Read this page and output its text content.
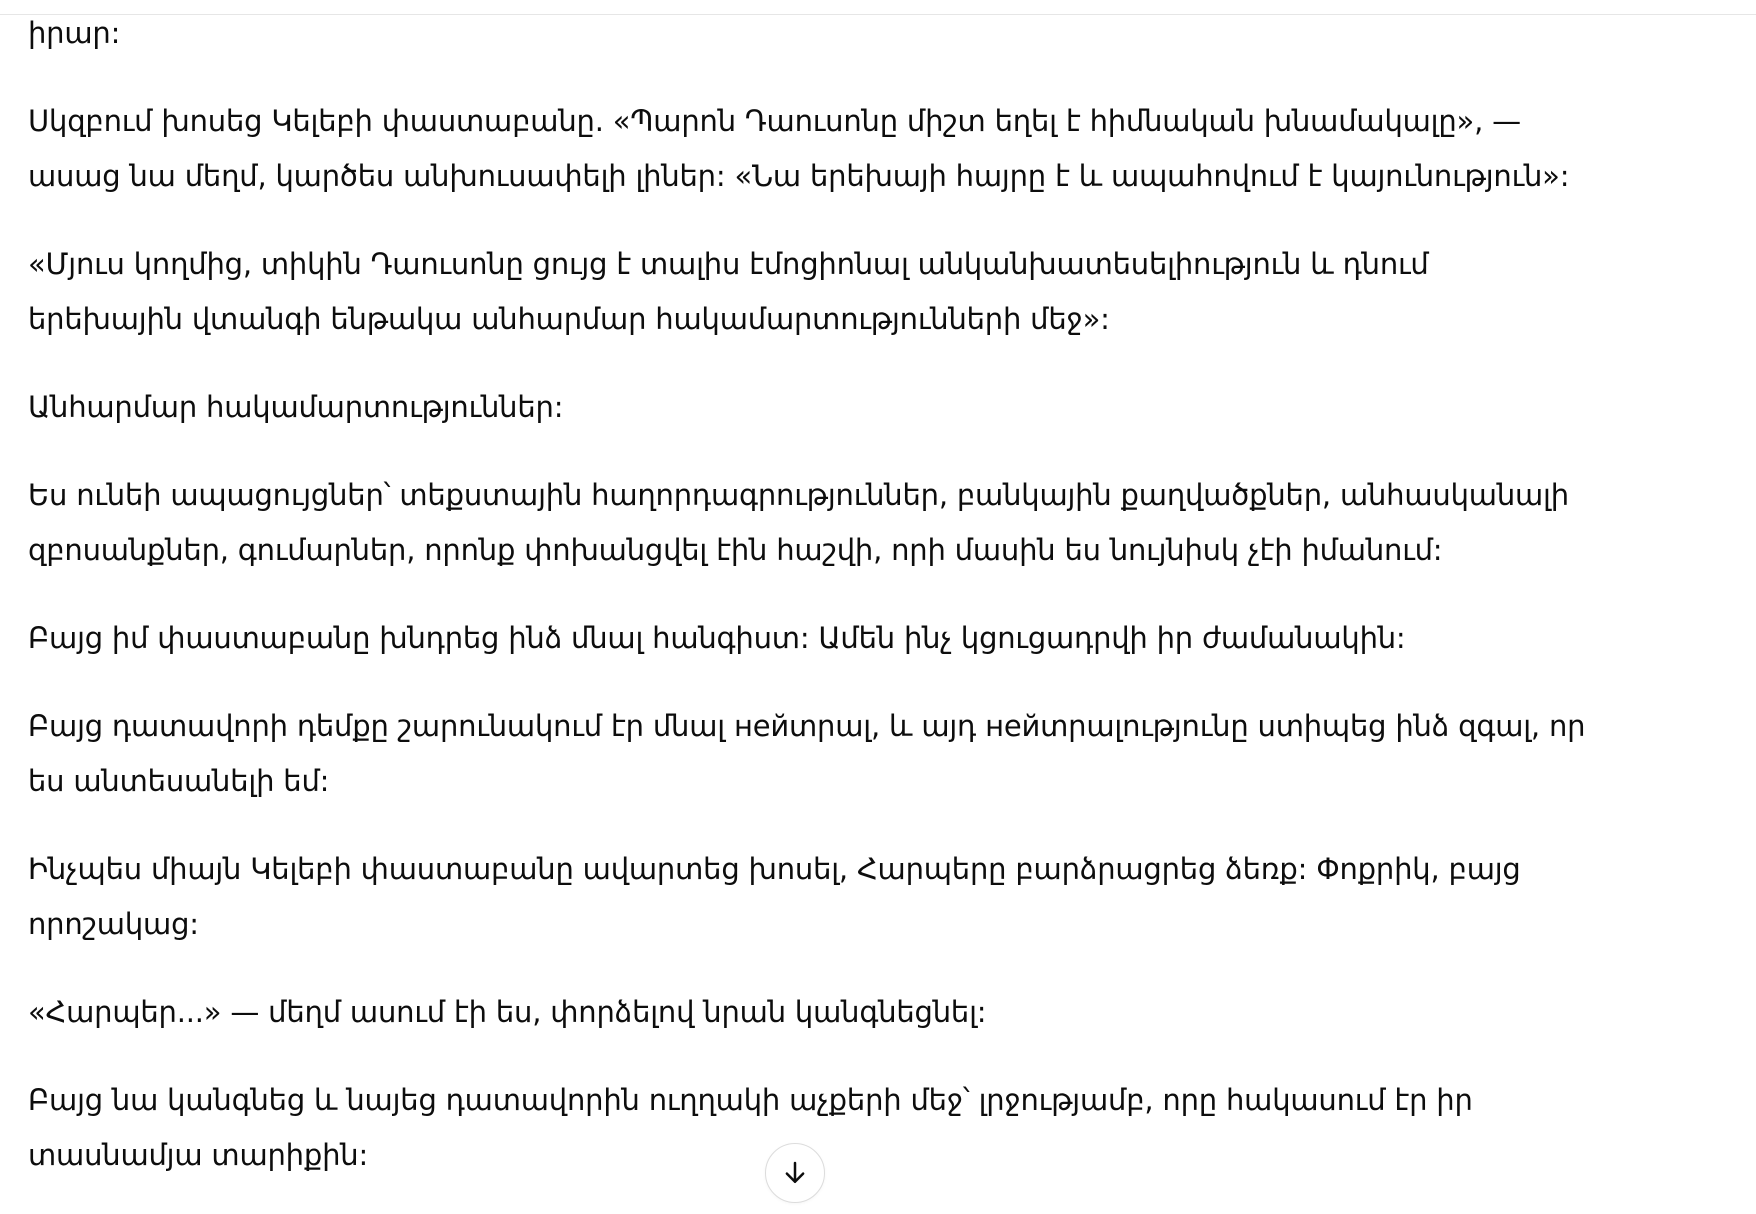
իրար:

Սկզբում խոսեց Կելեբի փաստաբանը. «Պարոն Դաուսոնը միշտ եղել է հիմնական խնամակալը», — ասաց նա մեղմ, կարծես անխուսափելի լիներ: «Նա երեխայի հայրը է և ապահովում է կայունություն»:

«Մյուս կողմից, տիկին Դաուսոնը ցույց է տալիս էմոցիոնալ անկանխատեսելիություն և դնում երեխային վտանգի ենթակա անհարմար հակամարտությունների մեջ»:

Անհարմար հակամարտություններ:

Ես ունեի ապացույցներ՝ տեքստային հաղորդագրություններ, բանկային քաղվածքներ, անհասկանալի զբոսանքներ, գումարներ, որոնք փոխանցվել էին հաշվի, որի մասին ես նույնիսկ չէի իմանում:

Բայց իմ փաստաբանը խնդրեց ինձ մնալ հանգիստ: Ամեն ինչ կցուցադրվի իր ժամանակին:

Բայց դատավորի դեմքը շարունակում էր մնալ нейտրալ, և այդ нейտրալությունը ստիպեց ինձ զգալ, որ ես անտեսանելի եմ:

Ինչպես միայն Կելեբի փաստաբանը ավարտեց խոսել, Հարպերը բարձրացրեց ձեռք: Փոքրիկ, բայց որոշակաց:

«Հարպեր...» — մեղմ ասում էի ես, փորձելով նրան կանգնեցնել:

Բայց նա կանգնեց և նայեց դատավորին ուղղակի աչքերի մեջ՝ լրջությամբ, որը հակասում էր իր տասնամյա տարիքին:
